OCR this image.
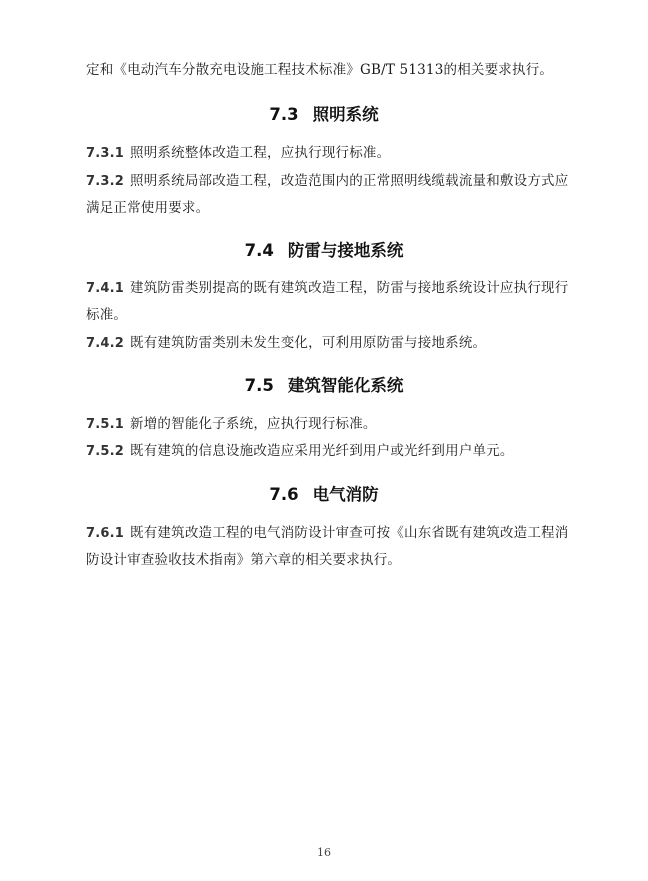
定和《电动汽车分散充电设施工程技术标准》GB/T 51313的相关要求执行。
7.3 照明系统
7.3.1 照明系统整体改造工程，应执行现行标准。
7.3.2 照明系统局部改造工程，改造范围内的正常照明线缆载流量和敷设方式应
满足正常使用要求。
7.4 防雷与接地系统
7.4.1 建筑防雷类别提高的既有建筑改造工程，防雷与接地系统设计应执行现行
标准。
7.4.2 既有建筑防雷类别未发生变化，可利用原防雷与接地系统。
7.5 建筑智能化系统
7.5.1 新增的智能化子系统，应执行现行标准。
7.5.2 既有建筑的信息设施改造应采用光纤到用户或光纤到用户单元。
7.6 电气消防
7.6.1 既有建筑改造工程的电气消防设计审查可按《山东省既有建筑改造工程消
防设计审查验收技术指南》第六章的相关要求执行。
16
